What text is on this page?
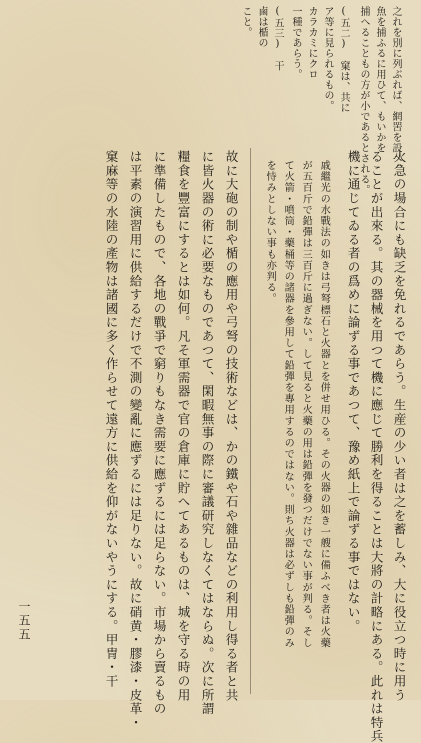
之れを別に列ぶれば、網罟を設へ、
魚を捕ふるに用ひて、もいかを
捕へることもの方が小であるとされる。
(五二)　窠は、共に
ア等に見られるもの。
カラカミにクロ
一種であらう。
(五三)　干
鹵は楯の
こと。
火急の場合にも缺乏を免れるであらう。生産の少い者は之を蓄しみ、大に役立つ時に用う
ることが出來る。其の器械を用つて機に應じて勝利を得ることは大將の計略にある。此れは特兵
機に通じてゐる者の爲めに論ずる事であつて、豫め紙上で論ずる事ではない。
戚繼光の水戰法の如きは弓弩標石と火器とを併せ用ひる。その火器の如き一艘に備ふべき者は火藥
が五百斤で鉛彈は三百斤に過ぎない。して見ると火藥の用は鉛彈を發つだけでない事が判る。そし
て火箭・噴筒・藥桶等の諸器を參用して鉛彈を專用するのではない。則ち火器は必ずしも鉛彈のみ
を恃みとしない事も亦判る。
故に大砲の制や楯の應用や弓弩の技術などは、かの鐵や石や雜品などの利用し得る者と共
に皆火器の術に必要なものであつて、閑暇無事の際に審議研究しなくてはならぬ。次に所謂
糧食を豐富にするとは如何。凡そ軍需器で官の倉庫に貯へてあるものは、城を守る時の用
に準備したもので、各地の戰爭で窮りもなき需要に應ずるには足らない。市場から賣るもの
は平素の演習用に供給するだけで不測の變亂に應ずるには足りない。故に硝黄・膠漆・皮革・
窠麻等の水陸の產物は諸國に多く作らせて遠方に供給を仰がないやうにする。甲冑・干
一五五
